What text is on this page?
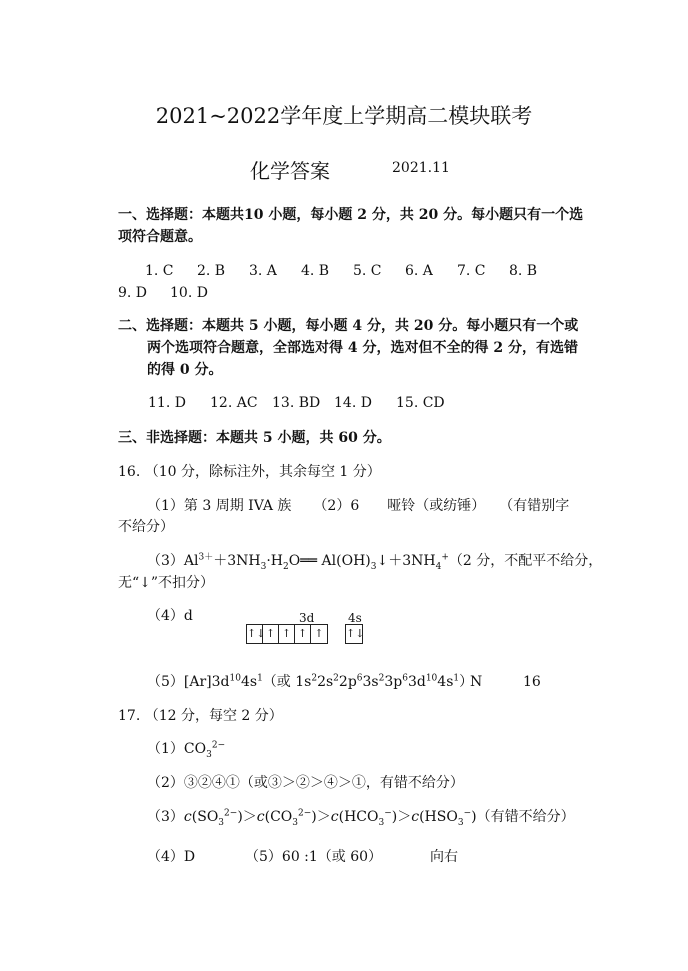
2021~2022学年度上学期高二模块联考
化学答案	2021.11
一、选择题：本题共10 小题，每小题 2 分，共 20 分。每小题只有一个选
项符合题意。
1. C 2. B 3. A 4. B 5. C 6. A 7. C 8. B
9. D 10. D
二、选择题：本题共 5 小题，每小题 4 分，共 20 分。每小题只有一个或
两个选项符合题意，全部选对得 4 分，选对但不全的得 2 分，有选错
的得 0 分。
11. D 12. AC 13. BD 14. D 15. CD
三、非选择题：本题共 5 小题，共 60 分。
16. （10 分，除标注外，其余每空 1 分）
（1）第 3 周期 IVA 族 （2）6 哑铃（或纺锤） （有错别字
不给分）
$(3)Al^{3+}+3NH_3\cdot H_2O══$ $Al(OH)_3↓+3NH_4^+(2$ 分，不配平不给分，
无“↓”不扣分）
（4）d	3d	4s
↑↓ ↑ ↑ ↑ ↑	↑↓
$(5)[Ar]3d^{10}4s^1$（或 $1s^22s^22p^63s^23p^63d^{10}4s^1$）
N	16
17. （12 分，每空 2 分）
$(1)CO_3^{2-}$
（2）③②④①（或③＞②＞④＞①，有错不给分）
$(3)c(SO_3^{2-})>c(CO_3^{2-})>c(HCO_3^-)>c(HSO_3^-)$（有错不给分）
（4）D	（5）60 :1（或 60）	向右
